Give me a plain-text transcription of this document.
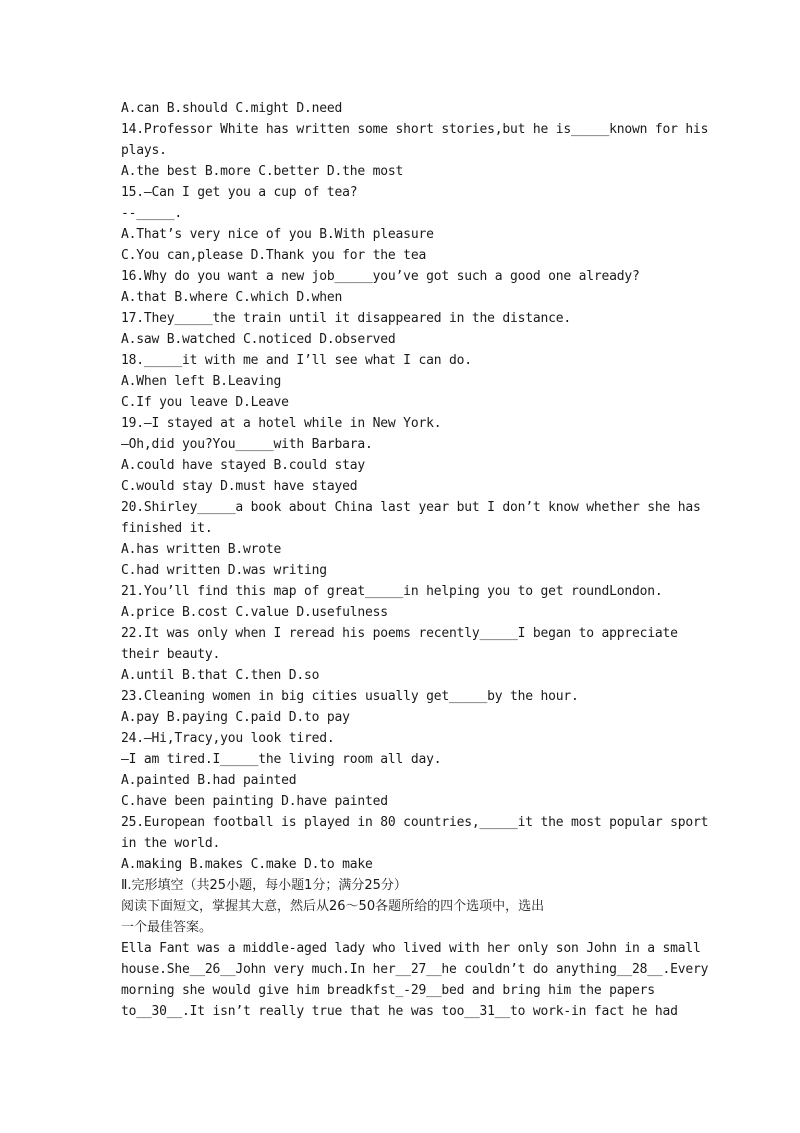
A.can B.should C.might D.need
14.Professor White has written some short stories,but he is_____known for his
plays.
A.the best B.more C.better D.the most
15.—Can I get you a cup of tea?
--_____.
A.That’s very nice of you B.With pleasure
C.You can,please D.Thank you for the tea
16.Why do you want a new job_____you’ve got such a good one already?
A.that B.where C.which D.when
17.They_____the train until it disappeared in the distance.
A.saw B.watched C.noticed D.observed
18._____it with me and I’ll see what I can do.
A.When left B.Leaving
C.If you leave D.Leave
19.—I stayed at a hotel while in New York.
—Oh,did you?You_____with Barbara.
A.could have stayed B.could stay
C.would stay D.must have stayed
20.Shirley_____a book about China last year but I don’t know whether she has
finished it.
A.has written B.wrote
C.had written D.was writing
21.You’ll find this map of great_____in helping you to get roundLondon.
A.price B.cost C.value D.usefulness
22.It was only when I reread his poems recently_____I began to appreciate
their beauty.
A.until B.that C.then D.so
23.Cleaning women in big cities usually get_____by the hour.
A.pay B.paying C.paid D.to pay
24.—Hi,Tracy,you look tired.
—I am tired.I_____the living room all day.
A.painted B.had painted
C.have been painting D.have painted
25.European football is played in 80 countries,_____it the most popular sport
in the world.
A.making B.makes C.make D.to make
Ⅱ.完形填空（共25小题，每小题1分；满分25分）
阅读下面短文，掌握其大意，然后从26～50各题所给的四个选项中，选出
一个最佳答案。
Ella Fant was a middle-aged lady who lived with her only son John in a small
house.She__26__John very much.In her__27__he couldn’t do anything__28__.Every
morning she would give him breadkfst_-29__bed and bring him the papers
to__30__.It isn’t really true that he was too__31__to work-in fact he had
